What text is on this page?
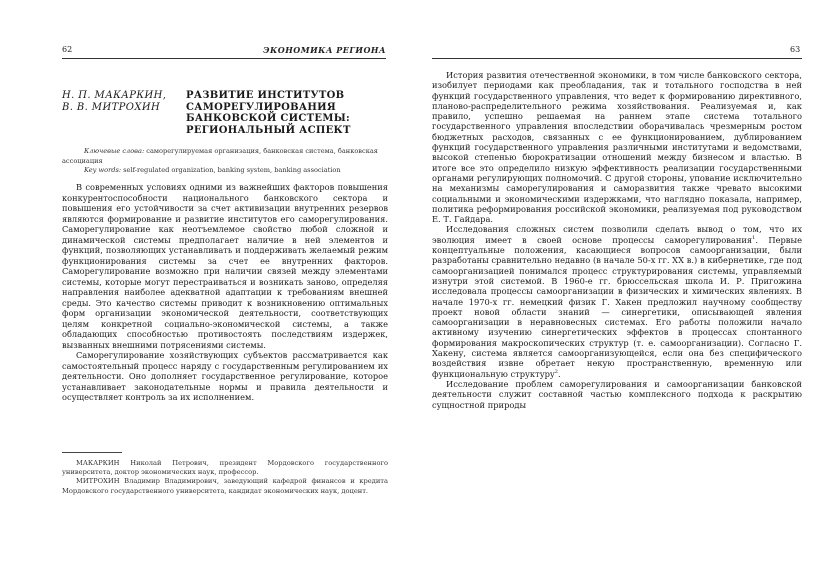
62	ЭКОНОМИКА РЕГИОНА
Н. П. МАКАРКИН,
В. В. МИТРОХИН
РАЗВИТИЕ ИНСТИТУТОВ
САМОРЕГУЛИРОВАНИЯ
БАНКОВСКОЙ СИСТЕМЫ:
РЕГИОНАЛЬНЫЙ АСПЕКТ

Ключевые слова: саморегулируемая организация, банковская система, банковская ассоциация

Key words: self-regulated organization, banking system, banking association

В современных условиях одними из важнейших факторов повышения конкурентоспособности национального банковского сектора и повышения его устойчивости за счет активизации внутренних резервов являются формирование и развитие институтов его саморегулирования. Саморегулирование как неотъемлемое свойство любой сложной и динамической системы предполагает наличие в ней элементов и функций, позволяющих устанавливать и поддерживать желаемый режим функционирования системы за счет ее внутренних факторов. Саморегулирование возможно при наличии связей между элементами системы, которые могут перестраиваться и возникать заново, определяя направления наиболее адекватной адаптации к требованиям внешней среды. Это качество системы приводит к возникновению оптимальных форм организации экономической деятельности, соответствующих целям конкретной социально-экономической системы, а также обладающих способностью противостоять последствиям издержек, вызванных внешними потрясениями системы.

Саморегулирование хозяйствующих субъектов рассматривается как самостоятельный процесс наряду с государственным регулированием их деятельности. Оно дополняет государственное регулирование, которое устанавливает законодательные нормы и правила деятельности и осуществляет контроль за их исполнением.

МАКАРКИН Николай Петрович, президент Мордовского государственного университета, доктор экономических наук, профессор.

МИТРОХИН Владимир Владимирович, заведующий кафедрой финансов и кредита Мордовского государственного университета, кандидат экономических наук, доцент.

63

История развития отечественной экономики, в том числе банковского сектора, изобилует периодами как преобладания, так и тотального господства в ней функций государственного управления, что ведет к формированию директивного, планово-распределительного режима хозяйствования. Реализуемая и, как правило, успешно решаемая на раннем этапе система тотального государственного управления впоследствии оборачивалась чрезмерным ростом бюджетных расходов, связанных с ее функционированием, дублированием функций государственного управления различными институтами и ведомствами, высокой степенью бюрократизации отношений между бизнесом и властью. В итоге все это определило низкую эффективность реализации государственными органами регулирующих полномочий. С другой стороны, упование исключительно на механизмы саморегулирования и саморазвития также чревато высокими социальными и экономическими издержками, что наглядно показала, например, политика реформирования российской экономики, реализуемая под руководством Е. Т. Гайдара.

Исследования сложных систем позволили сделать вывод о том, что их эволюция имеет в своей основе процессы саморегулирования$^1$. Первые концептуальные положения, касающиеся вопросов самоорганизации, были разработаны сравнительно недавно (в начале 50-х гг. XX в.) в кибернетике, где под самоорганизацией понимался процесс структурирования системы, управляемый изнутри этой системой. В 1960-е гг. брюссельская школа И. Р. Пригожина исследовала процессы самоорганизации в физических и химических явлениях. В начале 1970-х гг. немецкий физик Г. Хакен предложил научному сообществу проект новой области знаний — синергетики, описывающей явления самоорганизации в неравновесных системах. Его работы положили начало активному изучению синергетических эффектов в процессах спонтанного формирования макроскопических структур (т. е. самоорганизации). Согласно Г. Хакену, система является самоорганизующейся, если она без специфического воздействия извне обретает некую пространственную, временную или функциональную структуру$^2$.

Исследование проблем саморегулирования и самоорганизации банковской деятельности служит составной частью комплексного подхода к раскрытию сущностной природы
